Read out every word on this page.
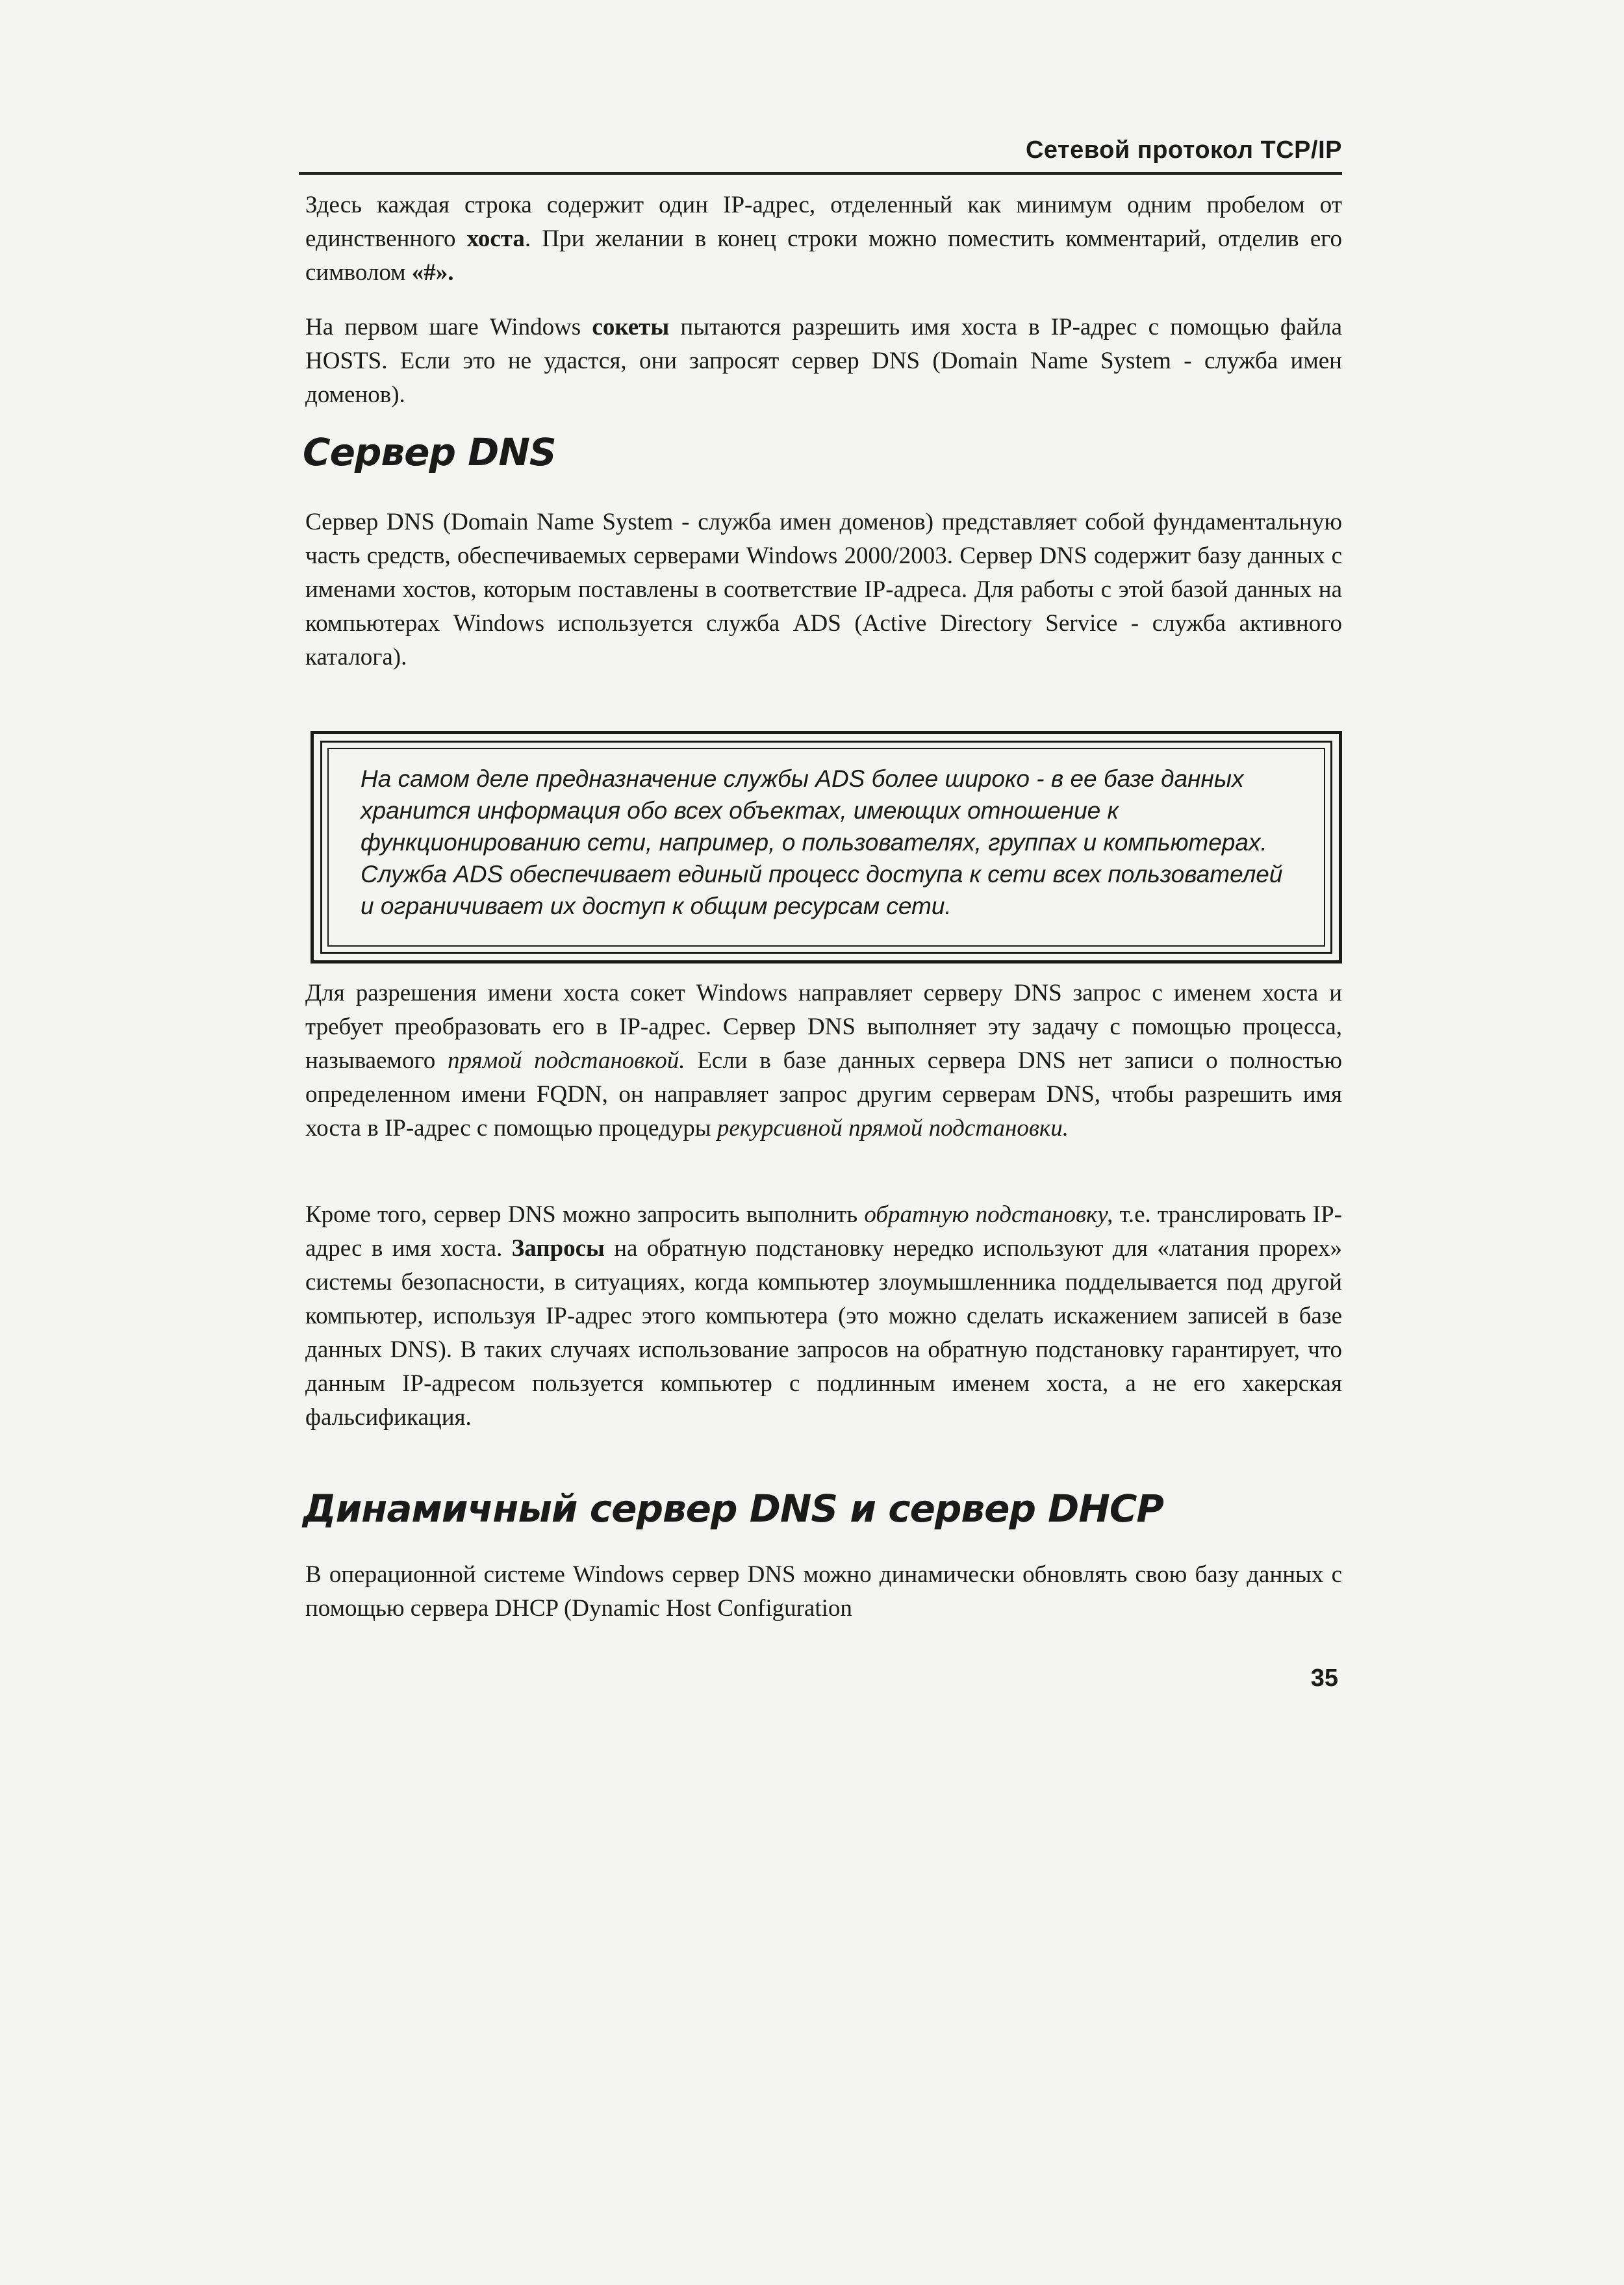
Сетевой протокол TCP/IP

Здесь каждая строка содержит один IP-адрес, отделенный как минимум одним пробелом от единственного хоста. При желании в конец строки можно поместить комментарий, отделив его символом «#».

На первом шаге Windows сокеты пытаются разрешить имя хоста в IP-адрес с помощью файла HOSTS. Если это не удастся, они запросят сервер DNS (Domain Name System - служба имен доменов).

Сервер DNS

Сервер DNS (Domain Name System - служба имен доменов) представляет собой фундаментальную часть средств, обеспечиваемых серверами Windows 2000/2003. Сервер DNS содержит базу данных с именами хостов, которым поставлены в соответствие IP-адреса. Для работы с этой базой данных на компьютерах Windows используется служба ADS (Active Directory Service - служба активного каталога).

На самом деле предназначение службы ADS более широко - в ее базе данных хранится информация обо всех объектах, имеющих отношение к функционированию сети, например, о пользователях, группах и компьютерах. Служба ADS обеспечивает единый процесс доступа к сети всех пользователей и ограничивает их доступ к общим ресурсам сети.

Для разрешения имени хоста сокет Windows направляет серверу DNS запрос с именем хоста и требует преобразовать его в IP-адрес. Сервер DNS выполняет эту задачу с помощью процесса, называемого прямой подстановкой. Если в базе данных сервера DNS нет записи о полностью определенном имени FQDN, он направляет запрос другим серверам DNS, чтобы разрешить имя хоста в IP-адрес с помощью процедуры рекурсивной прямой подстановки.

Кроме того, сервер DNS можно запросить выполнить обратную подстановку, т.е. транслировать IP-адрес в имя хоста. Запросы на обратную подстановку нередко используют для «латания прорех» системы безопасности, в ситуациях, когда компьютер злоумышленника подделывается под другой компьютер, используя IP-адрес этого компьютера (это можно сделать искажением записей в базе данных DNS). В таких случаях использование запросов на обратную подстановку гарантирует, что данным IP-адресом пользуется компьютер с подлинным именем хоста, а не его хакерская фальсификация.

Динамичный сервер DNS и сервер DHCP

В операционной системе Windows сервер DNS можно динамически обновлять свою базу данных с помощью сервера DHCP (Dynamic Host Configuration

35
